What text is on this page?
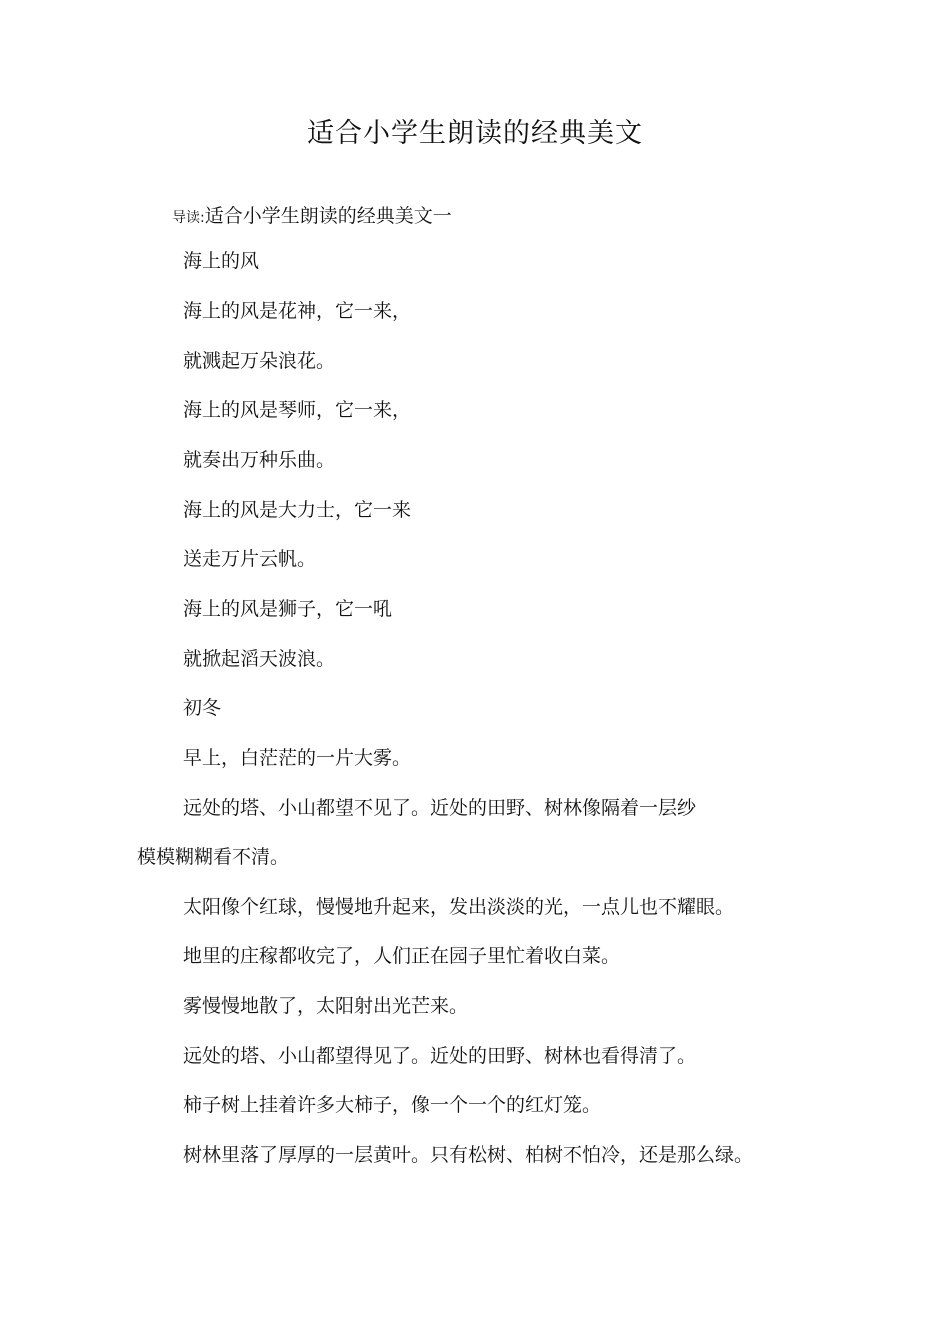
适合小学生朗读的经典美文
导读:适合小学生朗读的经典美文一
海上的风
海上的风是花神，它一来，
就溅起万朵浪花。
海上的风是琴师，它一来，
就奏出万种乐曲。
海上的风是大力士，它一来
送走万片云帆。
海上的风是狮子，它一吼
就掀起滔天波浪。
初冬
早上，白茫茫的一片大雾。
远处的塔、小山都望不见了。近处的田野、树林像隔着一层纱
模模糊糊看不清。
太阳像个红球，慢慢地升起来，发出淡淡的光，一点儿也不耀眼。
地里的庄稼都收完了，人们正在园子里忙着收白菜。
雾慢慢地散了，太阳射出光芒来。
远处的塔、小山都望得见了。近处的田野、树林也看得清了。
柿子树上挂着许多大柿子，像一个一个的红灯笼。
树林里落了厚厚的一层黄叶。只有松树、柏树不怕冷，还是那么绿。
